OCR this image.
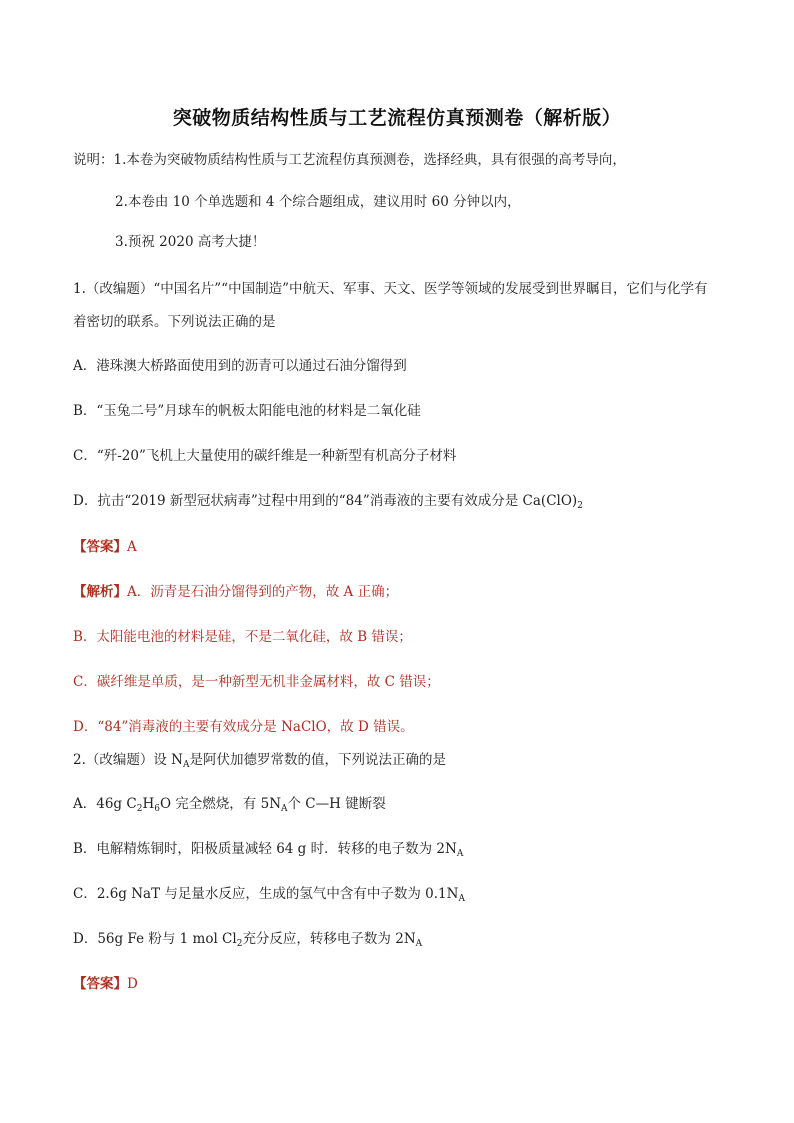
突破物质结构性质与工艺流程仿真预测卷（解析版）
说明：1.本卷为突破物质结构性质与工艺流程仿真预测卷，选择经典，具有很强的高考导向，
2.本卷由 10 个单选题和 4 个综合题组成，建议用时 60 分钟以内，
3.预祝 2020 高考大捷！
1.（改编题）“中国名片”“中国制造”中航天、军事、天文、医学等领域的发展受到世界瞩目，它们与化学有
着密切的联系。下列说法正确的是
A．港珠澳大桥路面使用到的沥青可以通过石油分馏得到
B．“玉兔二号”月球车的帆板太阳能电池的材料是二氧化硅
C．“歼-20”飞机上大量使用的碳纤维是一种新型有机高分子材料
D．抗击“2019 新型冠状病毒”过程中用到的“84”消毒液的主要有效成分是 $Ca(ClO)_2$
【答案】A
【解析】A．沥青是石油分馏得到的产物，故 A 正确；
B．太阳能电池的材料是硅，不是二氧化硅，故 B 错误；
C．碳纤维是单质，是一种新型无机非金属材料，故 C 错误；
D．“84”消毒液的主要有效成分是 NaClO，故 D 错误。
2.（改编题）设 $N_A$是阿伏加德罗常数的值，下列说法正确的是
A．46g $C_2H_6O$ 完全燃烧，有 $5N_A$个 C—H 键断裂
B．电解精炼铜时，阳极质量减轻 64 g 时．转移的电子数为 $2N_A$
C．2.6g NaT 与足量水反应，生成的氢气中含有中子数为 $0.1N_A$
D．56g Fe 粉与 1 mol $Cl_2$充分反应，转移电子数为 $2N_A$
【答案】D
